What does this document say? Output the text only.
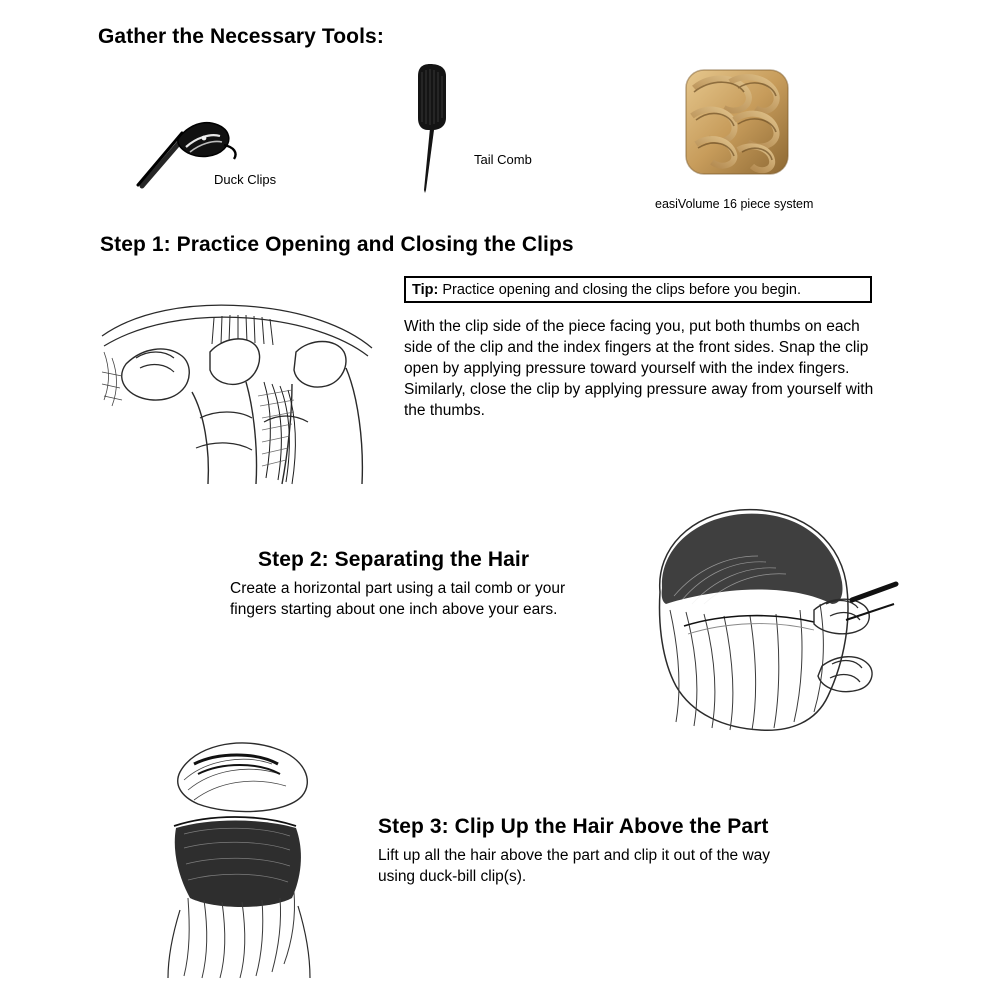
Gather the Necessary Tools:
Duck Clips
Tail Comb
easiVolume 16 piece system
Step 1: Practice Opening and Closing the Clips
Tip: Practice opening and closing the clips before you begin.
With the clip side of the piece facing you, put both thumbs on each side of the clip and the index fingers at the front sides. Snap the clip open by applying pressure toward yourself with the index fingers. Similarly, close the clip by applying pressure away from yourself with the thumbs.
Step 2: Separating the Hair
Create a horizontal part using a tail comb or your fingers starting about one inch above your ears.
Step 3: Clip Up the Hair Above the Part
Lift up all the hair above the part and clip it out of the way using duck-bill clip(s).
